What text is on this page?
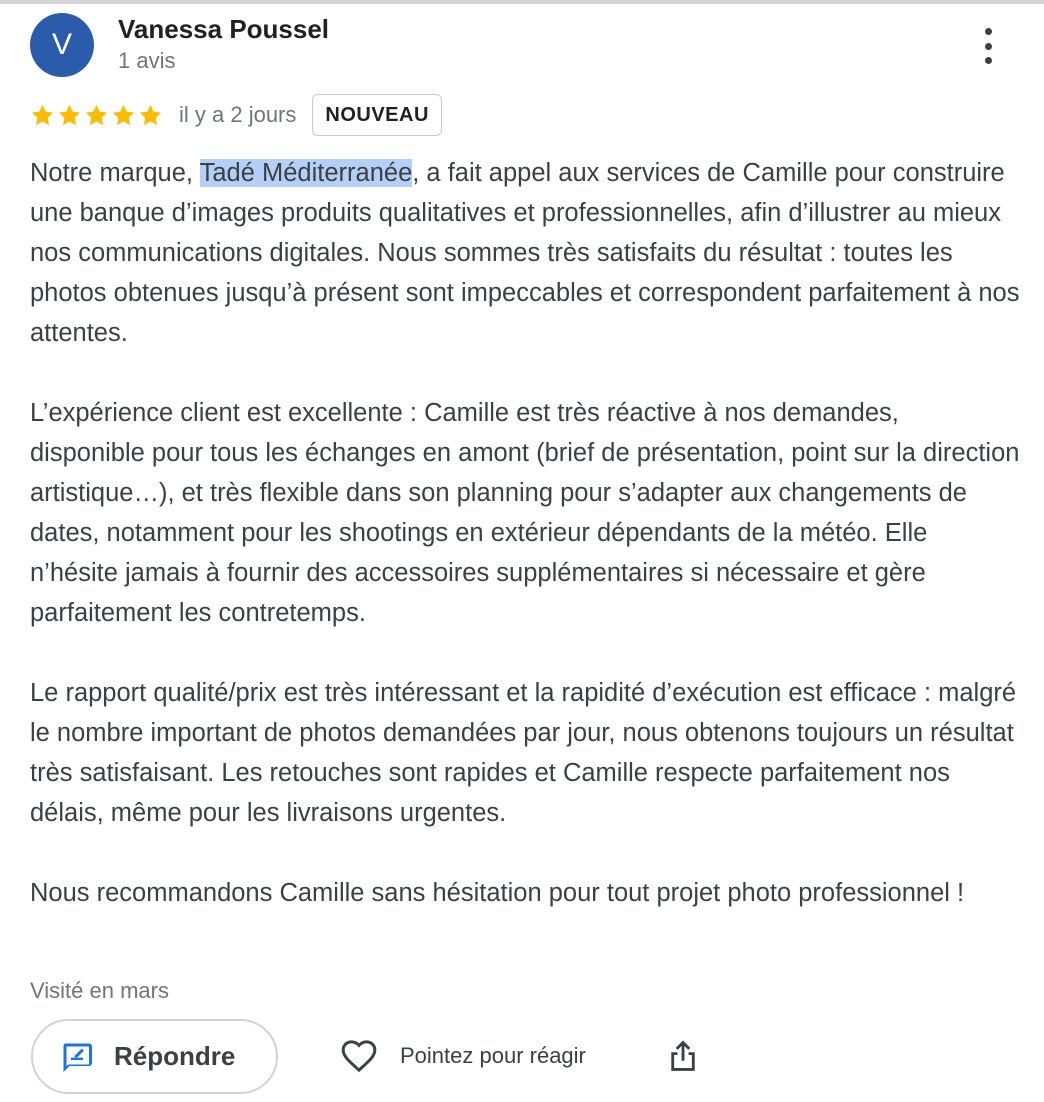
V	Vanessa Poussel
1 avis
il y a 2 jours	NOUVEAU

Notre marque, Tadé Méditerranée, a fait appel aux services de Camille pour construire une banque d’images produits qualitatives et professionnelles, afin d’illustrer au mieux nos communications digitales. Nous sommes très satisfaits du résultat : toutes les photos obtenues jusqu’à présent sont impeccables et correspondent parfaitement à nos attentes.

L’expérience client est excellente : Camille est très réactive à nos demandes, disponible pour tous les échanges en amont (brief de présentation, point sur la direction artistique…), et très flexible dans son planning pour s’adapter aux changements de dates, notamment pour les shootings en extérieur dépendants de la météo. Elle n’hésite jamais à fournir des accessoires supplémentaires si nécessaire et gère parfaitement les contretemps.

Le rapport qualité/prix est très intéressant et la rapidité d’exécution est efficace : malgré le nombre important de photos demandées par jour, nous obtenons toujours un résultat très satisfaisant. Les retouches sont rapides et Camille respecte parfaitement nos délais, même pour les livraisons urgentes.

Nous recommandons Camille sans hésitation pour tout projet photo professionnel !

Visité en mars
Répondre	Pointez pour réagir
